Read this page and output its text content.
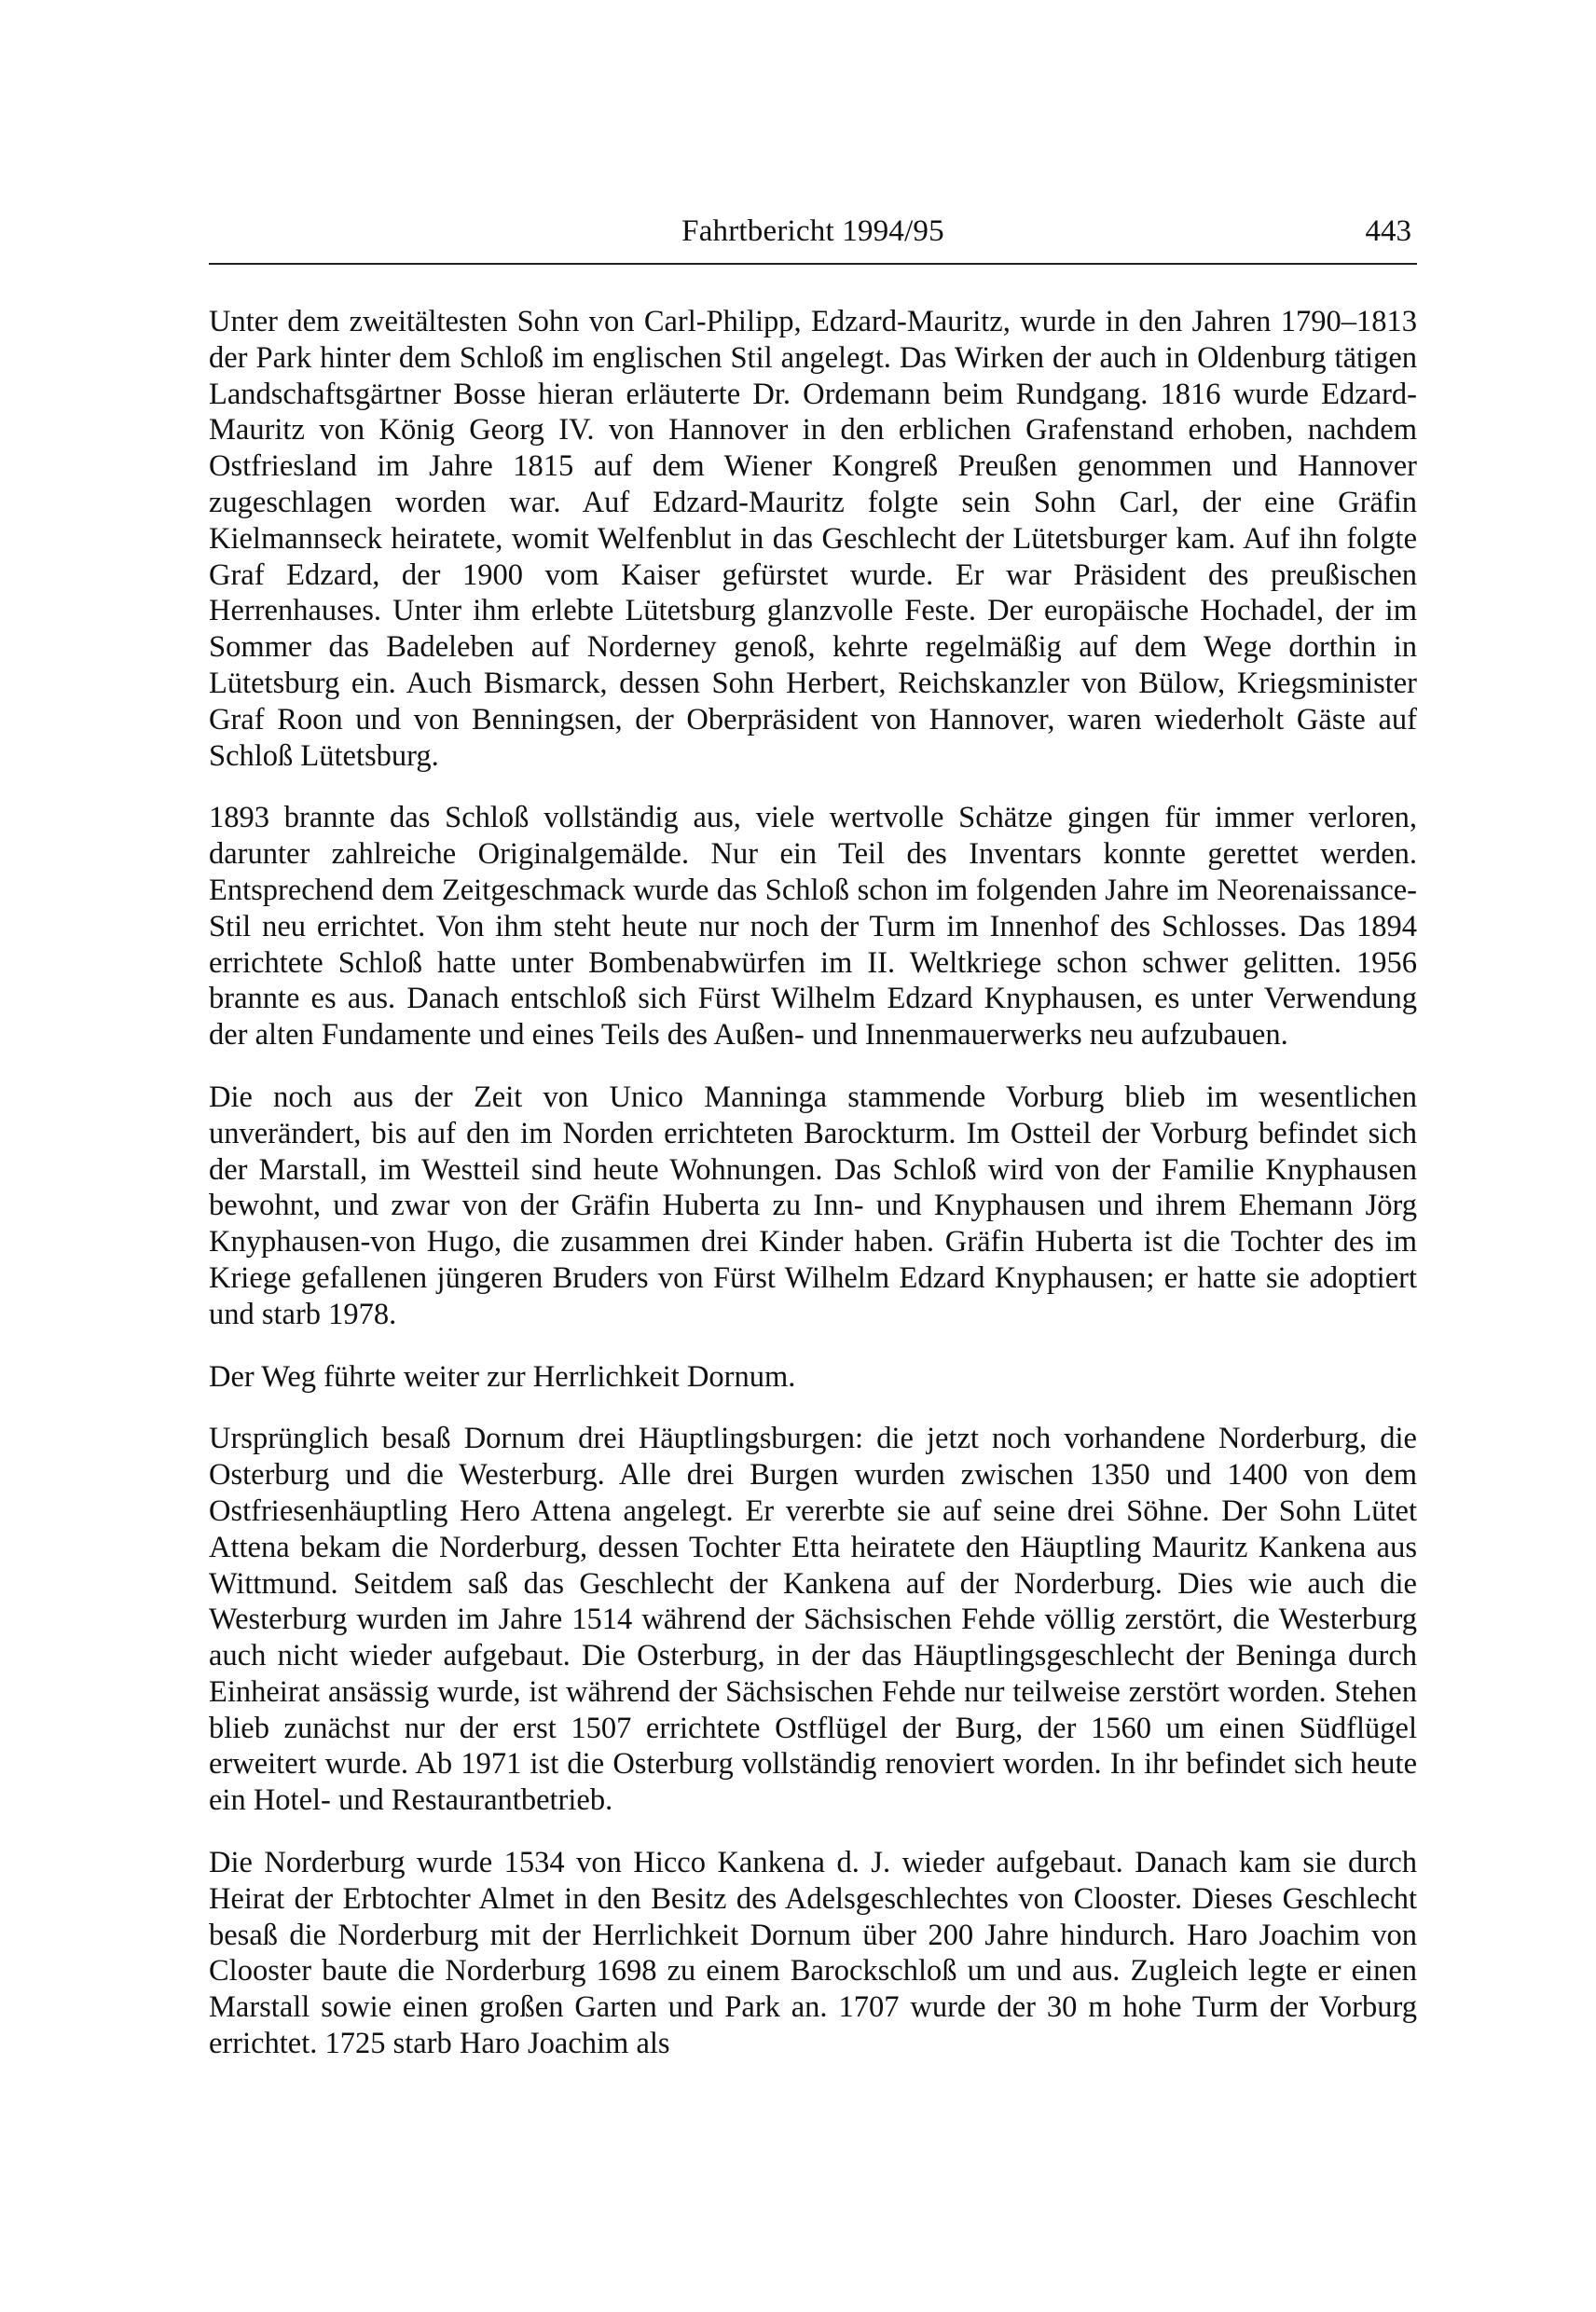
Fahrtbericht 1994/95	443

Unter dem zweitältesten Sohn von Carl-Philipp, Edzard-Mauritz, wurde in den Jahren 1790–1813 der Park hinter dem Schloß im englischen Stil angelegt. Das Wirken der auch in Oldenburg tätigen Landschaftsgärtner Bosse hieran erläuterte Dr. Ordemann beim Rundgang. 1816 wurde Edzard-Mauritz von König Georg IV. von Hannover in den erblichen Grafenstand erhoben, nachdem Ostfriesland im Jahre 1815 auf dem Wiener Kongreß Preußen genommen und Hannover zugeschlagen worden war. Auf Edzard-Mauritz folgte sein Sohn Carl, der eine Gräfin Kielmannseck heiratete, womit Welfenblut in das Geschlecht der Lütetsburger kam. Auf ihn folgte Graf Edzard, der 1900 vom Kaiser gefürstet wurde. Er war Präsident des preußischen Herrenhauses. Unter ihm erlebte Lütetsburg glanzvolle Feste. Der europäische Hochadel, der im Sommer das Badeleben auf Norderney genoß, kehrte regelmäßig auf dem Wege dorthin in Lütetsburg ein. Auch Bismarck, dessen Sohn Herbert, Reichskanzler von Bülow, Kriegsminister Graf Roon und von Benningsen, der Oberpräsident von Hannover, waren wiederholt Gäste auf Schloß Lütetsburg.

1893 brannte das Schloß vollständig aus, viele wertvolle Schätze gingen für immer verloren, darunter zahlreiche Originalgemälde. Nur ein Teil des Inventars konnte gerettet werden. Entsprechend dem Zeitgeschmack wurde das Schloß schon im folgenden Jahre im Neorenaissance-Stil neu errichtet. Von ihm steht heute nur noch der Turm im Innenhof des Schlosses. Das 1894 errichtete Schloß hatte unter Bombenabwürfen im II. Weltkriege schon schwer gelitten. 1956 brannte es aus. Danach entschloß sich Fürst Wilhelm Edzard Knyphausen, es unter Verwendung der alten Fundamente und eines Teils des Außen- und Innenmauerwerks neu aufzubauen.

Die noch aus der Zeit von Unico Manninga stammende Vorburg blieb im wesentlichen unverändert, bis auf den im Norden errichteten Barockturm. Im Ostteil der Vorburg befindet sich der Marstall, im Westteil sind heute Wohnungen. Das Schloß wird von der Familie Knyphausen bewohnt, und zwar von der Gräfin Huberta zu Inn- und Knyphausen und ihrem Ehemann Jörg Knyphausen-von Hugo, die zusammen drei Kinder haben. Gräfin Huberta ist die Tochter des im Kriege gefallenen jüngeren Bruders von Fürst Wilhelm Edzard Knyphausen; er hatte sie adoptiert und starb 1978.

Der Weg führte weiter zur Herrlichkeit Dornum.

Ursprünglich besaß Dornum drei Häuptlingsburgen: die jetzt noch vorhandene Norderburg, die Osterburg und die Westerburg. Alle drei Burgen wurden zwischen 1350 und 1400 von dem Ostfriesenhäuptling Hero Attena angelegt. Er vererbte sie auf seine drei Söhne. Der Sohn Lütet Attena bekam die Norderburg, dessen Tochter Etta heiratete den Häuptling Mauritz Kankena aus Wittmund. Seitdem saß das Geschlecht der Kankena auf der Norderburg. Dies wie auch die Westerburg wurden im Jahre 1514 während der Sächsischen Fehde völlig zerstört, die Westerburg auch nicht wieder aufgebaut. Die Osterburg, in der das Häuptlingsgeschlecht der Beninga durch Einheirat ansässig wurde, ist während der Sächsischen Fehde nur teilweise zerstört worden. Stehen blieb zunächst nur der erst 1507 errichtete Ostflügel der Burg, der 1560 um einen Südflügel erweitert wurde. Ab 1971 ist die Osterburg vollständig renoviert worden. In ihr befindet sich heute ein Hotel- und Restaurantbetrieb.

Die Norderburg wurde 1534 von Hicco Kankena d. J. wieder aufgebaut. Danach kam sie durch Heirat der Erbtochter Almet in den Besitz des Adelsgeschlechtes von Clooster. Dieses Geschlecht besaß die Norderburg mit der Herrlichkeit Dornum über 200 Jahre hindurch. Haro Joachim von Clooster baute die Norderburg 1698 zu einem Barockschloß um und aus. Zugleich legte er einen Marstall sowie einen großen Garten und Park an. 1707 wurde der 30 m hohe Turm der Vorburg errichtet. 1725 starb Haro Joachim als
